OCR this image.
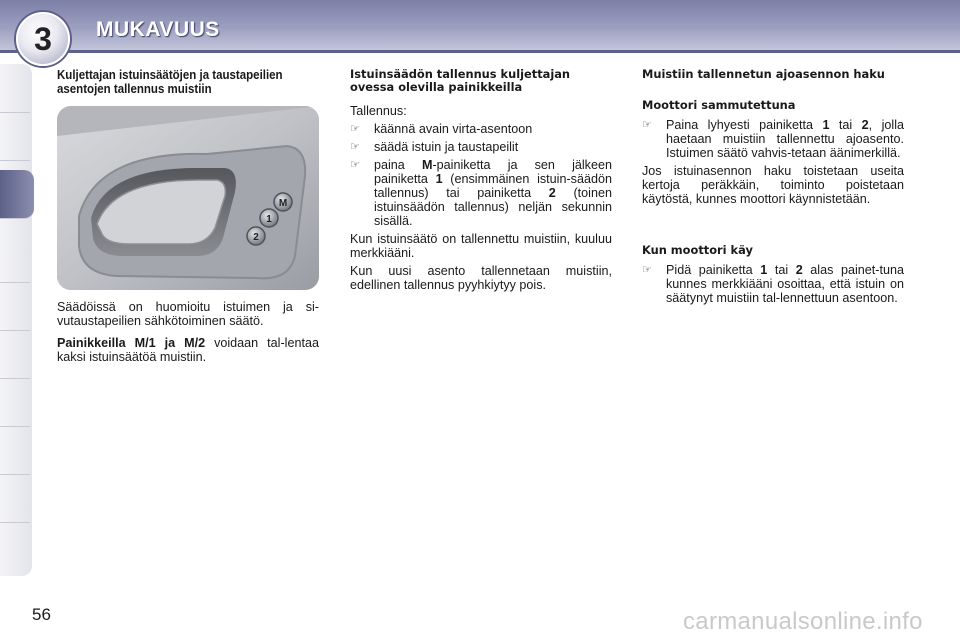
3 MUKAVUUS
Kuljettajan istuinsäätöjen ja taustapeilien asentojen tallennus muistiin
M
1
2

Säädöissä on huomioitu istuimen ja si-vutaustapeilien sähkötoiminen säätö.

Painikkeilla M/1 ja M/2 voidaan tal-lentaa kaksi istuinsäätöä muistiin.

Istuinsäädön tallennus kuljettajan ovessa olevilla painikkeilla

Tallennus:

☞	käännä avain virta-asentoon
☞	säädä istuin ja taustapeilit
☞	paina M-painiketta ja sen jälkeen painiketta 1 (ensimmäinen istuin-säädön tallennus) tai painiketta 2 (toinen istuinsäädön tallennus) neljän sekunnin sisällä.

Kun istuinsäätö on tallennettu muistiin, kuuluu merkkiääni.

Kun uusi asento tallennetaan muistiin, edellinen tallennus pyyhkiytyy pois.

Muistiin tallennetun ajoasennon haku
Moottori sammutettuna
☞	Paina lyhyesti painiketta 1 tai 2, jolla haetaan muistiin tallennettu ajoasento. Istuimen säätö vahvis-tetaan äänimerkillä.

Jos istuinasennon haku toistetaan useita kertoja peräkkäin, toiminto poistetaan käytöstä, kunnes moottori käynnistetään.

Kun moottori käy
☞	Pidä painiketta 1 tai 2 alas painet-tuna kunnes merkkiääni osoittaa, että istuin on säätynyt muistiin tal-lennettuun asentoon.
56	carmanualsonline.info
